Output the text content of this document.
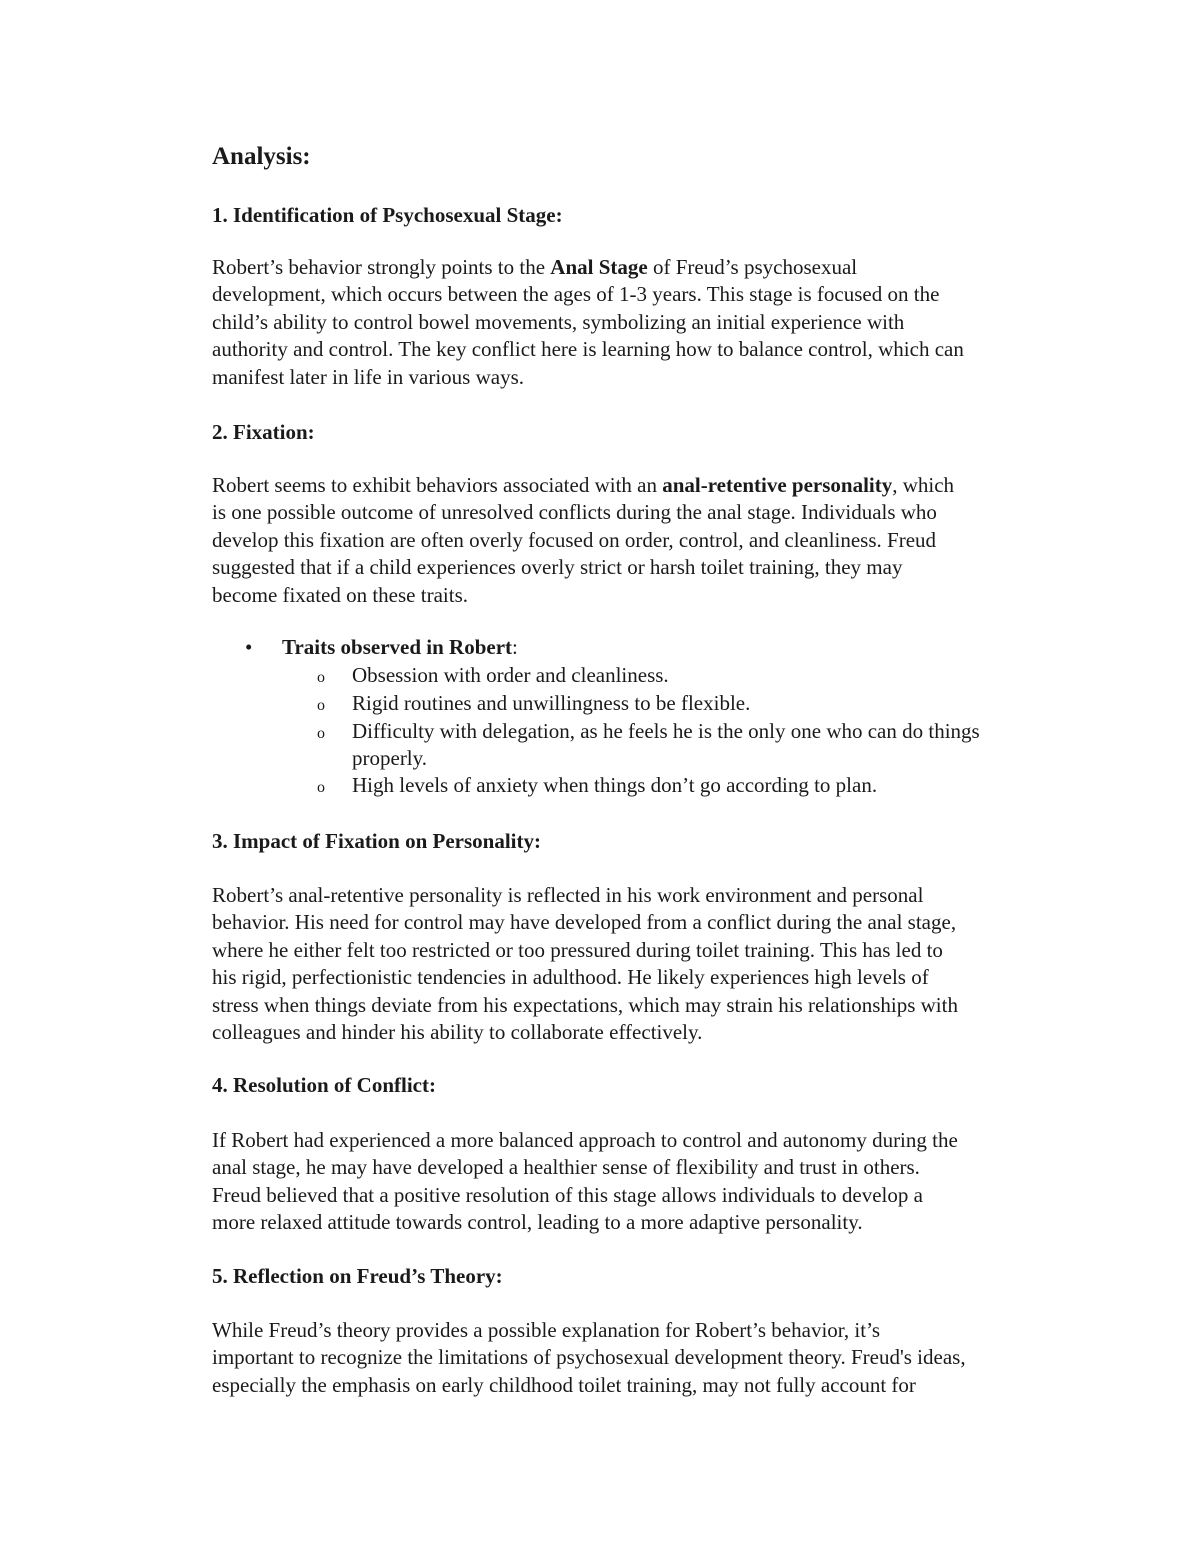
Analysis:
1. Identification of Psychosexual Stage:
Robert’s behavior strongly points to the Anal Stage of Freud’s psychosexual
development, which occurs between the ages of 1-3 years. This stage is focused on the
child’s ability to control bowel movements, symbolizing an initial experience with
authority and control. The key conflict here is learning how to balance control, which can
manifest later in life in various ways.
2. Fixation:
Robert seems to exhibit behaviors associated with an anal-retentive personality, which
is one possible outcome of unresolved conflicts during the anal stage. Individuals who
develop this fixation are often overly focused on order, control, and cleanliness. Freud
suggested that if a child experiences overly strict or harsh toilet training, they may
become fixated on these traits.
• Traits observed in Robert:
o Obsession with order and cleanliness.
o Rigid routines and unwillingness to be flexible.
o Difficulty with delegation, as he feels he is the only one who can do things
properly.
o High levels of anxiety when things don’t go according to plan.
3. Impact of Fixation on Personality:
Robert’s anal-retentive personality is reflected in his work environment and personal
behavior. His need for control may have developed from a conflict during the anal stage,
where he either felt too restricted or too pressured during toilet training. This has led to
his rigid, perfectionistic tendencies in adulthood. He likely experiences high levels of
stress when things deviate from his expectations, which may strain his relationships with
colleagues and hinder his ability to collaborate effectively.
4. Resolution of Conflict:
If Robert had experienced a more balanced approach to control and autonomy during the
anal stage, he may have developed a healthier sense of flexibility and trust in others.
Freud believed that a positive resolution of this stage allows individuals to develop a
more relaxed attitude towards control, leading to a more adaptive personality.
5. Reflection on Freud’s Theory:
While Freud’s theory provides a possible explanation for Robert’s behavior, it’s
important to recognize the limitations of psychosexual development theory. Freud's ideas,
especially the emphasis on early childhood toilet training, may not fully account for
